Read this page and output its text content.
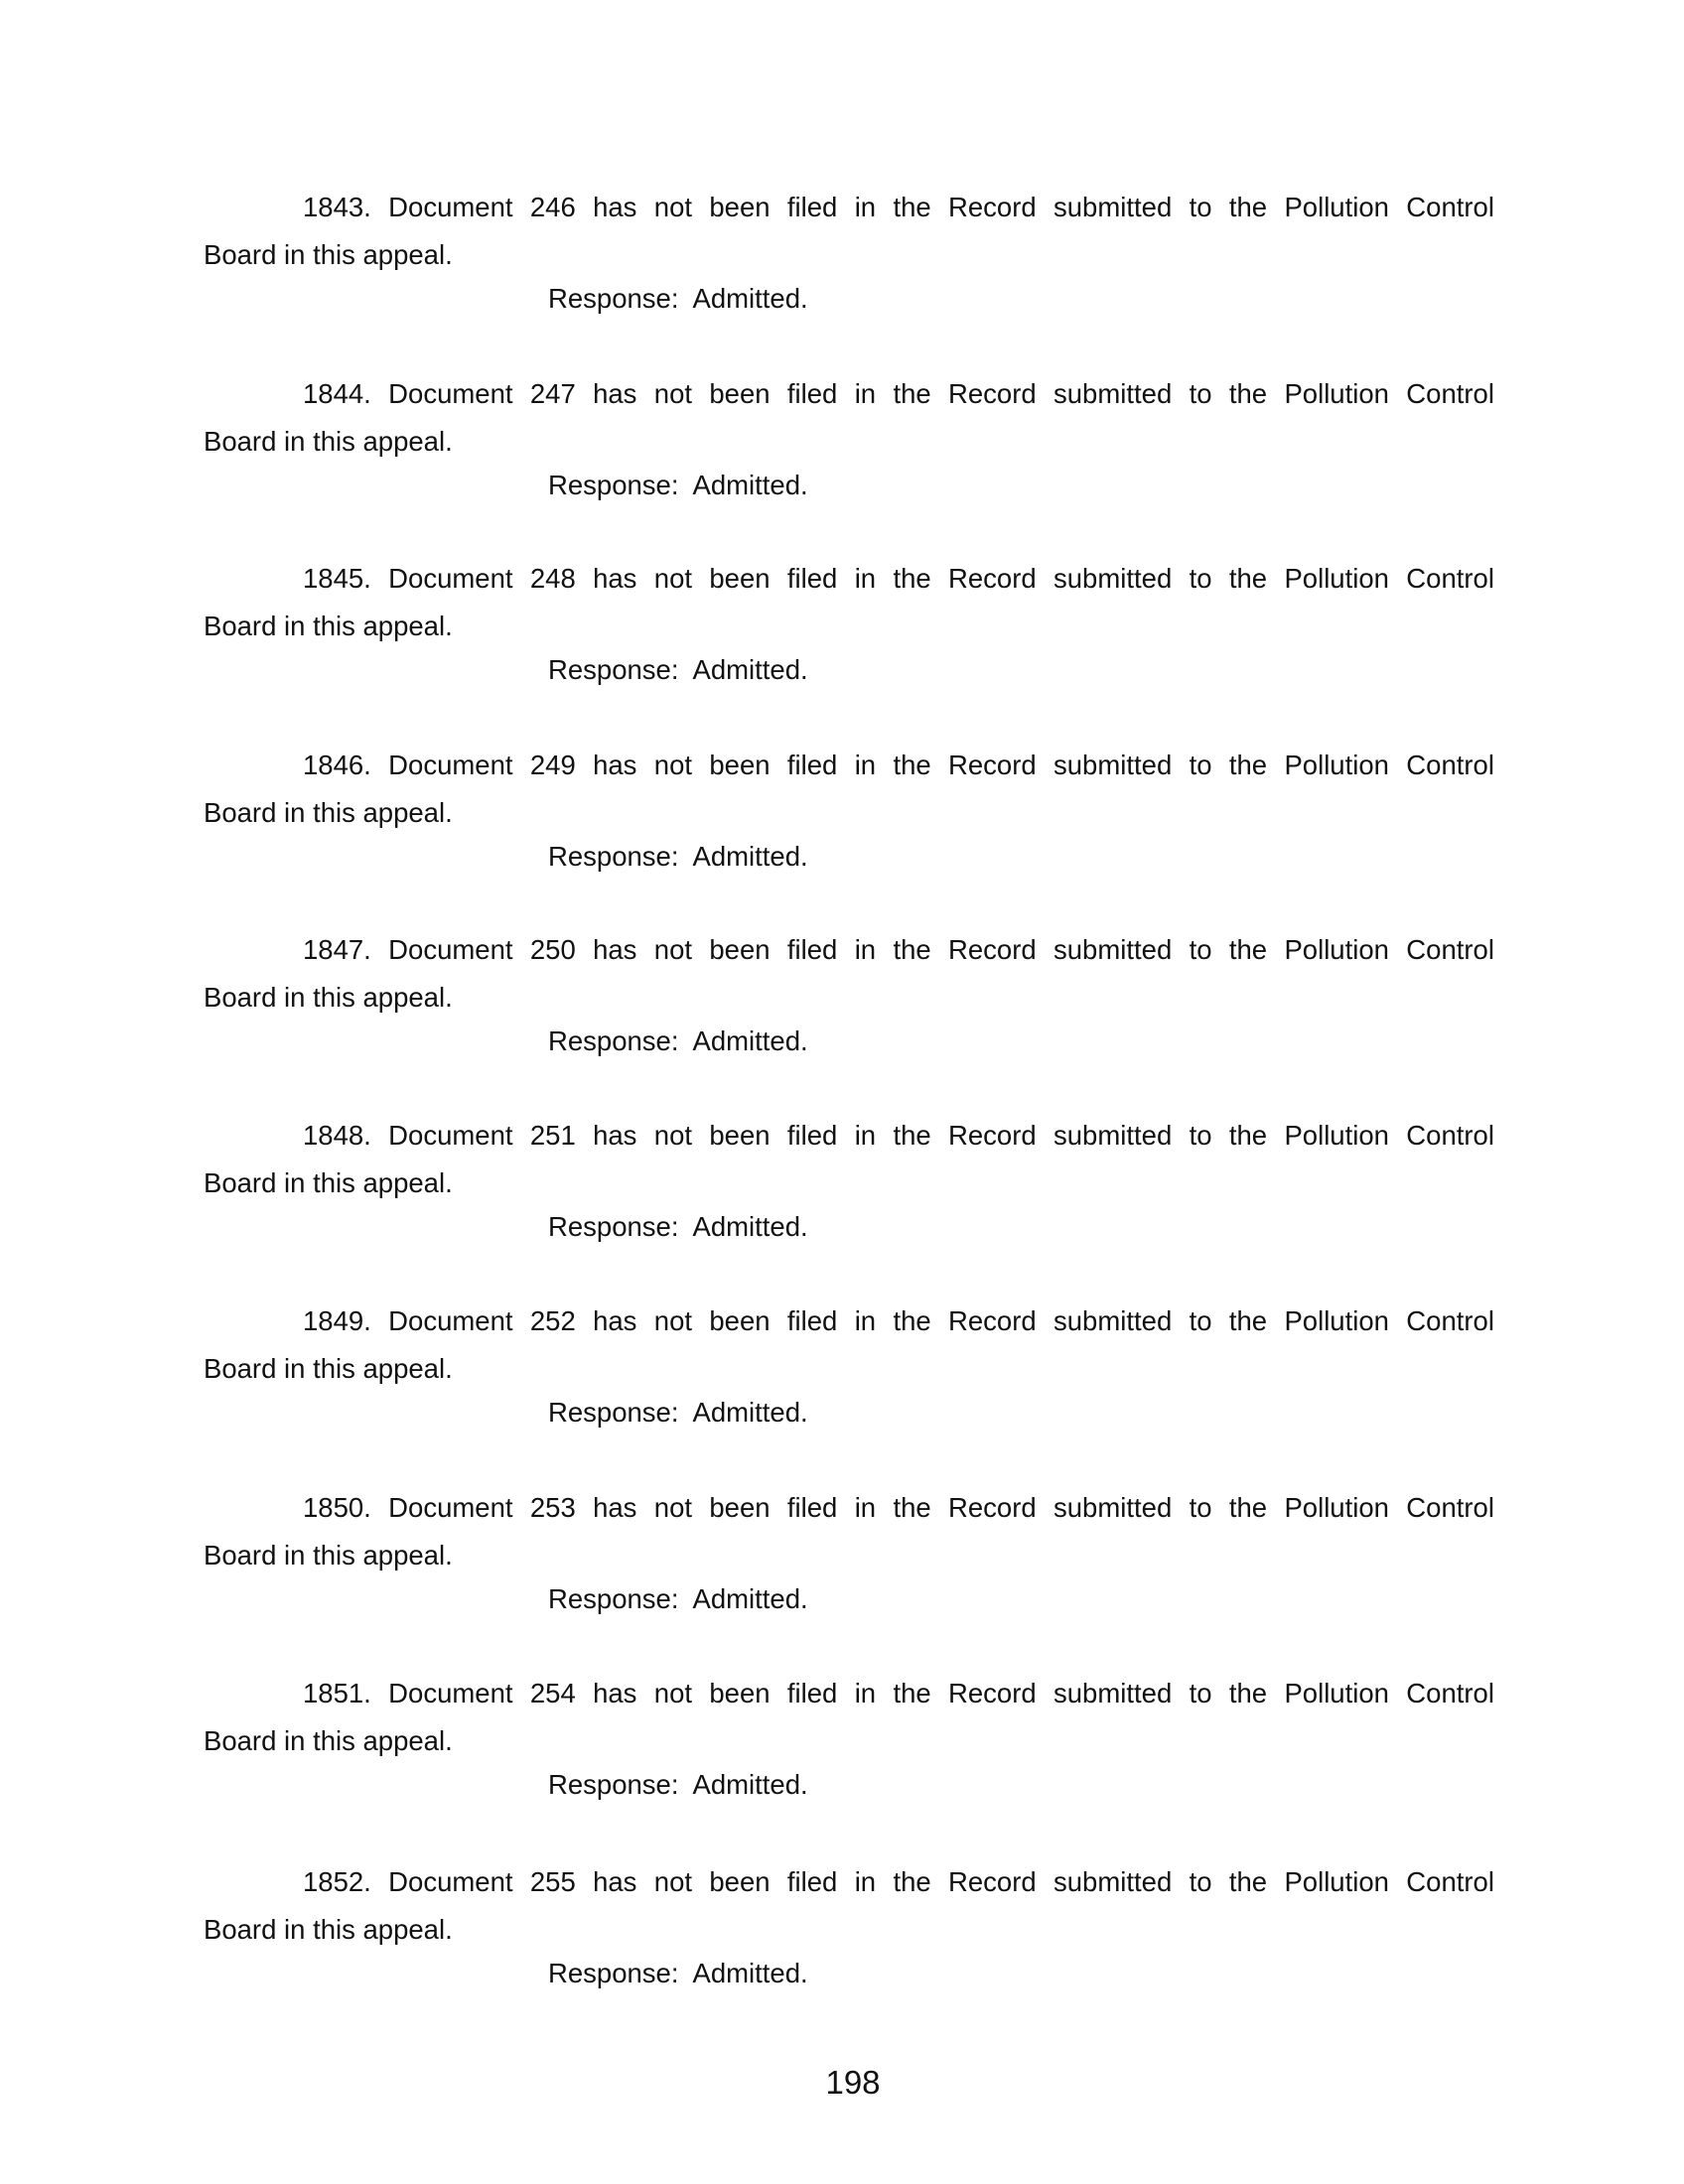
1843. Document 246 has not been filed in the Record submitted to the Pollution Control
Board in this appeal.
Response: Admitted.
1844. Document 247 has not been filed in the Record submitted to the Pollution Control
Board in this appeal.
Response: Admitted.
1845. Document 248 has not been filed in the Record submitted to the Pollution Control
Board in this appeal.
Response: Admitted.
1846. Document 249 has not been filed in the Record submitted to the Pollution Control
Board in this appeal.
Response: Admitted.
1847. Document 250 has not been filed in the Record submitted to the Pollution Control
Board in this appeal.
Response: Admitted.
1848. Document 251 has not been filed in the Record submitted to the Pollution Control
Board in this appeal.
Response: Admitted.
1849. Document 252 has not been filed in the Record submitted to the Pollution Control
Board in this appeal.
Response: Admitted.
1850. Document 253 has not been filed in the Record submitted to the Pollution Control
Board in this appeal.
Response: Admitted.
1851. Document 254 has not been filed in the Record submitted to the Pollution Control
Board in this appeal.
Response: Admitted.
1852. Document 255 has not been filed in the Record submitted to the Pollution Control
Board in this appeal.
Response: Admitted.
198
